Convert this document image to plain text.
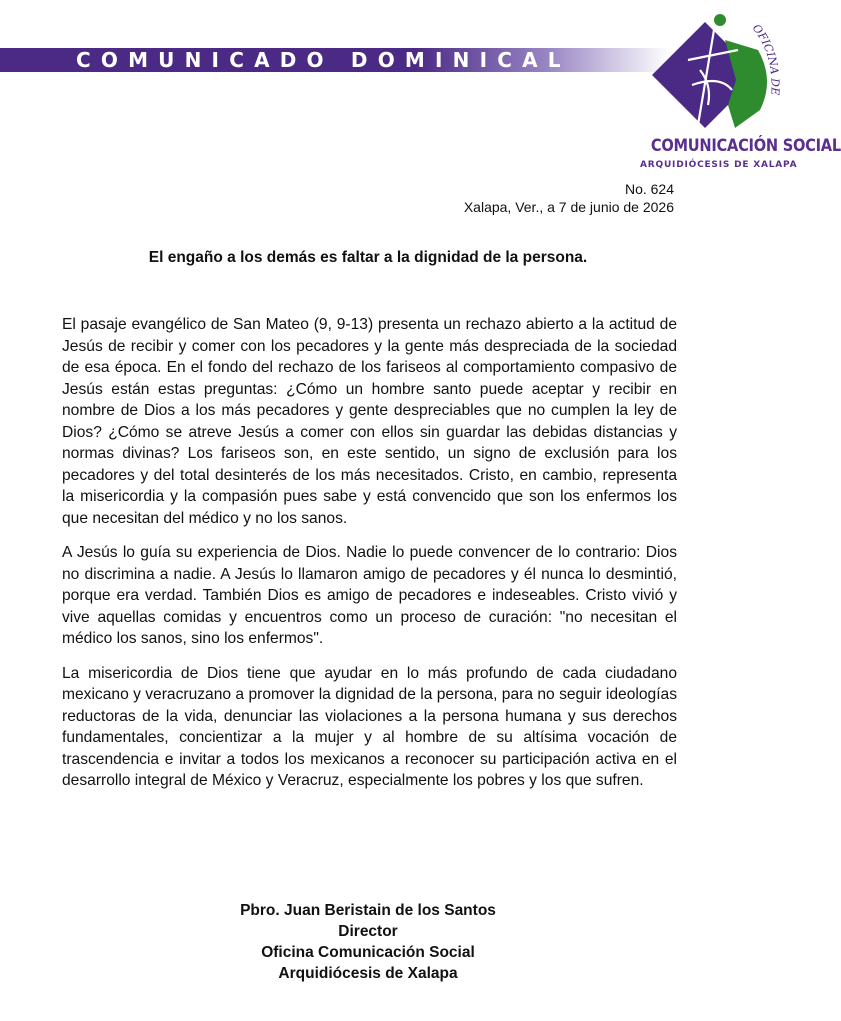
COMUNICADO DOMINICAL
OFICINA DE
COMUNICACIÓN SOCIAL
ARQUIDIÓCESIS DE XALAPA
No. 624
Xalapa, Ver., a 7 de junio de 2026
El engaño a los demás es faltar a la dignidad de la persona.

El pasaje evangélico de San Mateo (9, 9-13) presenta un rechazo abierto a la actitud de Jesús de recibir y comer con los pecadores y la gente más despreciada de la sociedad de esa época. En el fondo del rechazo de los fariseos al comportamiento compasivo de Jesús están estas preguntas: ¿Cómo un hombre santo puede aceptar y recibir en nombre de Dios a los más pecadores y gente despreciables que no cumplen la ley de Dios? ¿Cómo se atreve Jesús a comer con ellos sin guardar las debidas distancias y normas divinas? Los fariseos son, en este sentido, un signo de exclusión para los pecadores y del total desinterés de los más necesitados. Cristo, en cambio, representa la misericordia y la compasión pues sabe y está convencido que son los enfermos los que necesitan del médico y no los sanos.

A Jesús lo guía su experiencia de Dios. Nadie lo puede convencer de lo contrario: Dios no discrimina a nadie. A Jesús lo llamaron amigo de pecadores y él nunca lo desmintió, porque era verdad. También Dios es amigo de pecadores e indeseables. Cristo vivió y vive aquellas comidas y encuentros como un proceso de curación: "no necesitan el médico los sanos, sino los enfermos".

La misericordia de Dios tiene que ayudar en lo más profundo de cada ciudadano mexicano y veracruzano a promover la dignidad de la persona, para no seguir ideologías reductoras de la vida, denunciar las violaciones a la persona humana y sus derechos fundamentales, concientizar a la mujer y al hombre de su altísima vocación de trascendencia e invitar a todos los mexicanos a reconocer su participación activa en el desarrollo integral de México y Veracruz, especialmente los pobres y los que sufren.

Pbro. Juan Beristain de los Santos
Director
Oficina Comunicación Social
Arquidiócesis de Xalapa
